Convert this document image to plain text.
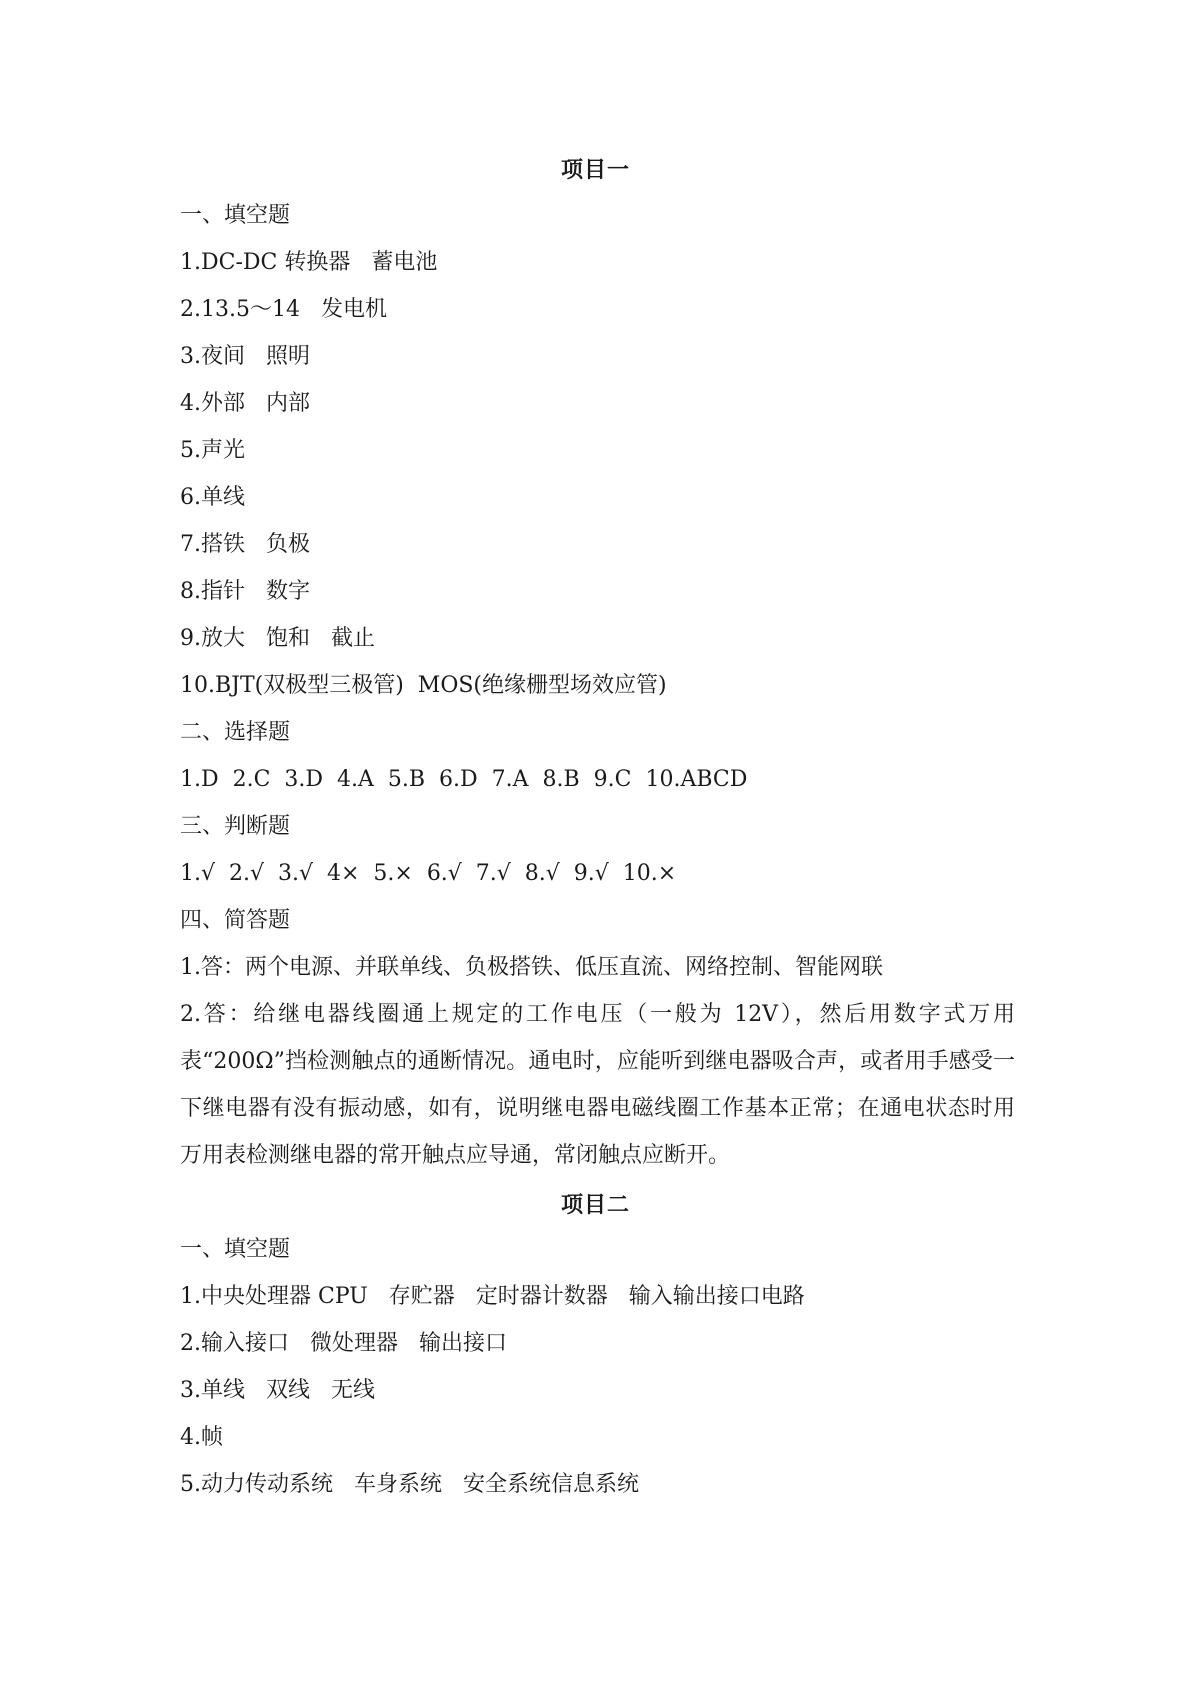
项目一
一、填空题
1.DC-DC 转换器   蓄电池
2.13.5～14   发电机
3.夜间   照明
4.外部   内部
5.声光
6.单线
7.搭铁   负极
8.指针   数字
9.放大   饱和   截止
10.BJT(双极型三极管)  MOS(绝缘栅型场效应管)
二、选择题
1.D  2.C  3.D  4.A  5.B  6.D  7.A  8.B  9.C  10.ABCD
三、判断题
1.√  2.√  3.√  4×  5.×  6.√  7.√  8.√  9.√  10.×
四、简答题
1.答：两个电源、并联单线、负极搭铁、低压直流、网络控制、智能网联
2.答：给继电器线圈通上规定的工作电压（一般为 12V），然后用数字式万用表“200Ω”挡检测触点的通断情况。通电时，应能听到继电器吸合声，或者用手感受一下继电器有没有振动感，如有，说明继电器电磁线圈工作基本正常；在通电状态时用万用表检测继电器的常开触点应导通，常闭触点应断开。
项目二
一、填空题
1.中央处理器 CPU   存贮器   定时器计数器   输入输出接口电路
2.输入接口   微处理器   输出接口
3.单线   双线   无线
4.帧
5.动力传动系统   车身系统   安全系统信息系统
